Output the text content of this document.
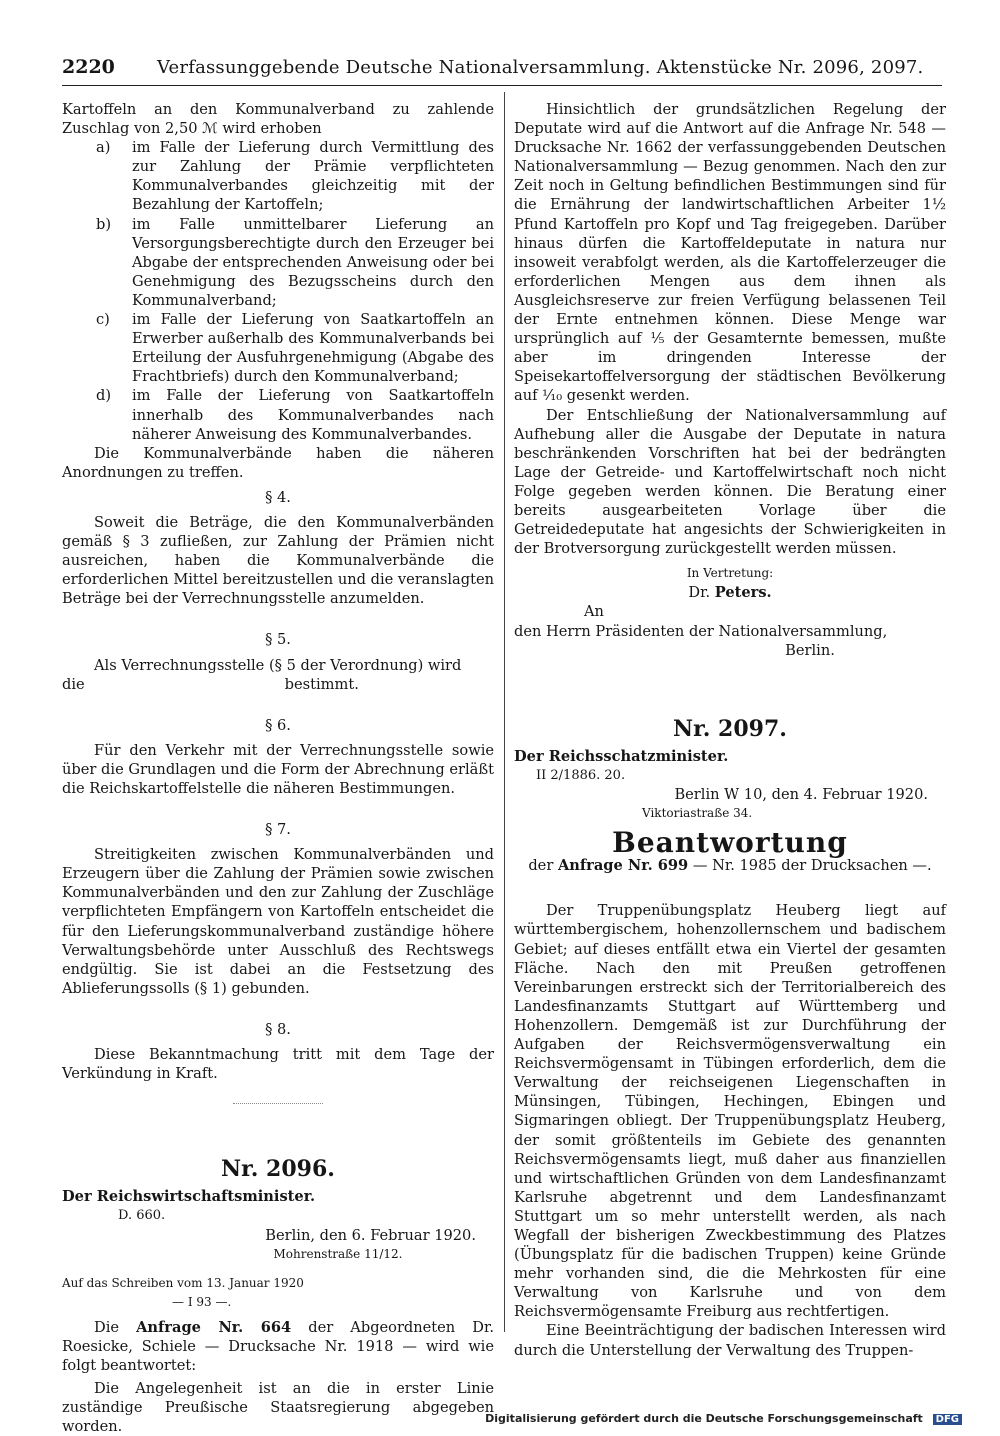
2220 Verfassunggebende Deutsche Nationalversammlung. Aktenstücke Nr. 2096, 2097.

Kartoffeln an den Kommunalverband zu zahlende Zuschlag von 2,50 ℳ wird erhoben

a) im Falle der Lieferung durch Vermittlung des zur Zahlung der Prämie verpflichteten Kommunalverbandes gleichzeitig mit der Bezahlung der Kartoffeln;

b) im Falle unmittelbarer Lieferung an Versorgungsberechtigte durch den Erzeuger bei Abgabe der entsprechenden Anweisung oder bei Genehmigung des Bezugsscheins durch den Kommunalverband;

c) im Falle der Lieferung von Saatkartoffeln an Erwerber außerhalb des Kommunalverbands bei Erteilung der Ausfuhrgenehmigung (Abgabe des Frachtbriefs) durch den Kommunalverband;

d) im Falle der Lieferung von Saatkartoffeln innerhalb des Kommunalverbandes nach näherer Anweisung des Kommunalverbandes.

Die Kommunalverbände haben die näheren Anordnungen zu treffen.

§ 4.

Soweit die Beträge, die den Kommunalverbänden gemäß § 3 zufließen, zur Zahlung der Prämien nicht ausreichen, haben die Kommunalverbände die erforderlichen Mittel bereitzustellen und die veranslagten Beträge bei der Verrechnungsstelle anzumelden.

§ 5.

Als Verrechnungsstelle (§ 5 der Verordnung) wird

die	bestimmt.

§ 6.

Für den Verkehr mit der Verrechnungsstelle sowie über die Grundlagen und die Form der Abrechnung erläßt die Reichskartoffelstelle die näheren Bestimmungen.

§ 7.

Streitigkeiten zwischen Kommunalverbänden und Erzeugern über die Zahlung der Prämien sowie zwischen Kommunalverbänden und den zur Zahlung der Zuschläge verpflichteten Empfängern von Kartoffeln entscheidet die für den Lieferungskommunalverband zuständige höhere Verwaltungsbehörde unter Ausschluß des Rechtswegs endgültig. Sie ist dabei an die Festsetzung des Ablieferungssolls (§ 1) gebunden.

§ 8.

Diese Bekanntmachung tritt mit dem Tage der Verkündung in Kraft.

Nr. 2096.

Der Reichswirtschaftsminister.

D. 660.

Berlin, den 6. Februar 1920.

Mohrenstraße 11/12.

Auf das Schreiben vom 13. Januar 1920

— I 93 —.

Die Anfrage Nr. 664 der Abgeordneten Dr. Roesicke, Schiele — Drucksache Nr. 1918 — wird wie folgt beantwortet:

Die Angelegenheit ist an die in erster Linie zuständige Preußische Staatsregierung abgegeben worden.

Hinsichtlich der grundsätzlichen Regelung der Deputate wird auf die Antwort auf die Anfrage Nr. 548 — Drucksache Nr. 1662 der verfassunggebenden Deutschen Nationalversammlung — Bezug genommen. Nach den zur Zeit noch in Geltung befindlichen Bestimmungen sind für die Ernährung der landwirtschaftlichen Arbeiter 1½ Pfund Kartoffeln pro Kopf und Tag freigegeben. Darüber hinaus dürfen die Kartoffeldeputate in natura nur insoweit verabfolgt werden, als die Kartoffelerzeuger die erforderlichen Mengen aus dem ihnen als Ausgleichsreserve zur freien Verfügung belassenen Teil der Ernte entnehmen können. Diese Menge war ursprünglich auf ⅕ der Gesamternte bemessen, mußte aber im dringenden Interesse der Speisekartoffelversorgung der städtischen Bevölkerung auf ¹⁄₁₀ gesenkt werden.

Der Entschließung der Nationalversammlung auf Aufhebung aller die Ausgabe der Deputate in natura beschränkenden Vorschriften hat bei der bedrängten Lage der Getreide- und Kartoffelwirtschaft noch nicht Folge gegeben werden können. Die Beratung einer bereits ausgearbeiteten Vorlage über die Getreidedeputate hat angesichts der Schwierigkeiten in der Brotversorgung zurückgestellt werden müssen.

In Vertretung:

Dr. Peters.

An

den Herrn Präsidenten der Nationalversammlung,

Berlin.

Nr. 2097.

Der Reichsschatzminister.

II 2/1886. 20.

Berlin W 10, den 4. Februar 1920.

Viktoriastraße 34.

Beantwortung

der Anfrage Nr. 699 — Nr. 1985 der Drucksachen —.

Der Truppenübungsplatz Heuberg liegt auf württembergischem, hohenzollernschem und badischem Gebiet; auf dieses entfällt etwa ein Viertel der gesamten Fläche. Nach den mit Preußen getroffenen Vereinbarungen erstreckt sich der Territorialbereich des Landesfinanzamts Stuttgart auf Württemberg und Hohenzollern. Demgemäß ist zur Durchführung der Aufgaben der Reichsvermögensverwaltung ein Reichsvermögensamt in Tübingen erforderlich, dem die Verwaltung der reichseigenen Liegenschaften in Münsingen, Tübingen, Hechingen, Ebingen und Sigmaringen obliegt. Der Truppenübungsplatz Heuberg, der somit größtenteils im Gebiete des genannten Reichsvermögensamts liegt, muß daher aus finanziellen und wirtschaftlichen Gründen von dem Landesfinanzamt Karlsruhe abgetrennt und dem Landesfinanzamt Stuttgart um so mehr unterstellt werden, als nach Wegfall der bisherigen Zweckbestimmung des Platzes (Übungsplatz für die badischen Truppen) keine Gründe mehr vorhanden sind, die die Mehrkosten für eine Verwaltung von Karlsruhe und von dem Reichsvermögensamte Freiburg aus rechtfertigen.

Eine Beeinträchtigung der badischen Interessen wird durch die Unterstellung der Verwaltung des Truppen-

Digitalisierung gefördert durch die Deutsche Forschungsgemeinschaft DFG
